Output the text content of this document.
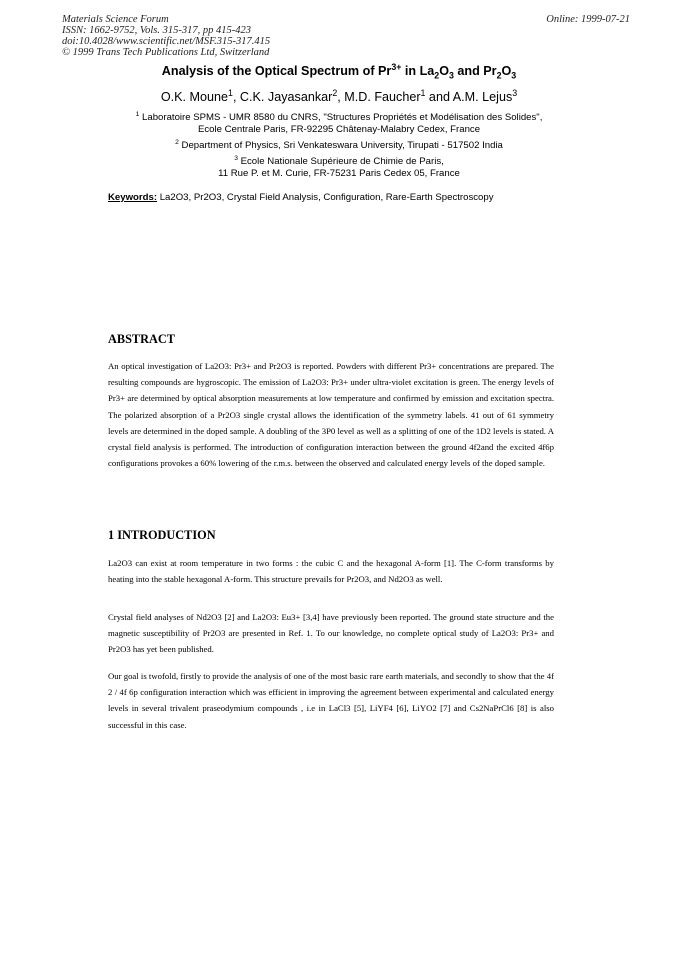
Materials Science Forum
ISSN: 1662-9752, Vols. 315-317, pp 415-423
doi:10.4028/www.scientific.net/MSF.315-317.415
© 1999 Trans Tech Publications Ltd, Switzerland
Online: 1999-07-21
Analysis of the Optical Spectrum of $Pr^{3+}$ in $La_2O_3$ and $Pr_2O_3$
O.K. Moune$^1$, C.K. Jayasankar$^2$, M.D. Faucher$^1$ and A.M. Lejus$^3$
$^1$ Laboratoire SPMS - UMR 8580 du CNRS, "Structures Propriétés et Modélisation des Solides",
Ecole Centrale Paris, FR-92295 Châtenay-Malabry Cedex, France
$^2$ Department of Physics, Sri Venkateswara University, Tirupati - 517502 India
$^3$ Ecole Nationale Supérieure de Chimie de Paris,
11 Rue P. et M. Curie, FR-75231 Paris Cedex 05, France
Keywords: La2O3, Pr2O3, Crystal Field Analysis, Configuration, Rare-Earth Spectroscopy
ABSTRACT
An optical investigation of La2O3: Pr3+ and Pr2O3 is reported. Powders with different Pr3+ concentrations are prepared. The resulting compounds are hygroscopic. The emission of La2O3: Pr3+ under ultra-violet excitation is green. The energy levels of Pr3+ are determined by optical absorption measurements at low temperature and confirmed by emission and excitation spectra. The polarized absorption of a Pr2O3 single crystal allows the identification of the symmetry labels. 41 out of 61 symmetry levels are determined in the doped sample. A doubling of the 3P0 level as well as a splitting of one of the 1D2 levels is stated. A crystal field analysis is performed. The introduction of configuration interaction between the ground 4f2and the excited 4f6p configurations provokes a 60% lowering of the r.m.s. between the observed and calculated energy levels of the doped sample.
1 INTRODUCTION
La2O3 can exist at room temperature in two forms : the cubic C and the hexagonal A-form [1]. The C-form transforms by heating into the stable hexagonal A-form. This structure prevails for Pr2O3, and Nd2O3 as well.
Crystal field analyses of Nd2O3 [2] and La2O3: Eu3+ [3,4] have previously been reported. The ground state structure and the magnetic susceptibility of Pr2O3 are presented in Ref. 1. To our knowledge, no complete optical study of La2O3: Pr3+ and Pr2O3 has yet been published.
Our goal is twofold, firstly to provide the analysis of one of the most basic rare earth materials, and secondly to show that the 4f 2 / 4f 6p configuration interaction which was efficient in improving the agreement between experimental and calculated energy levels in several trivalent praseodymium compounds , i.e in LaCl3 [5], LiYF4 [6], LiYO2 [7] and Cs2NaPrCl6 [8] is also successful in this case.
